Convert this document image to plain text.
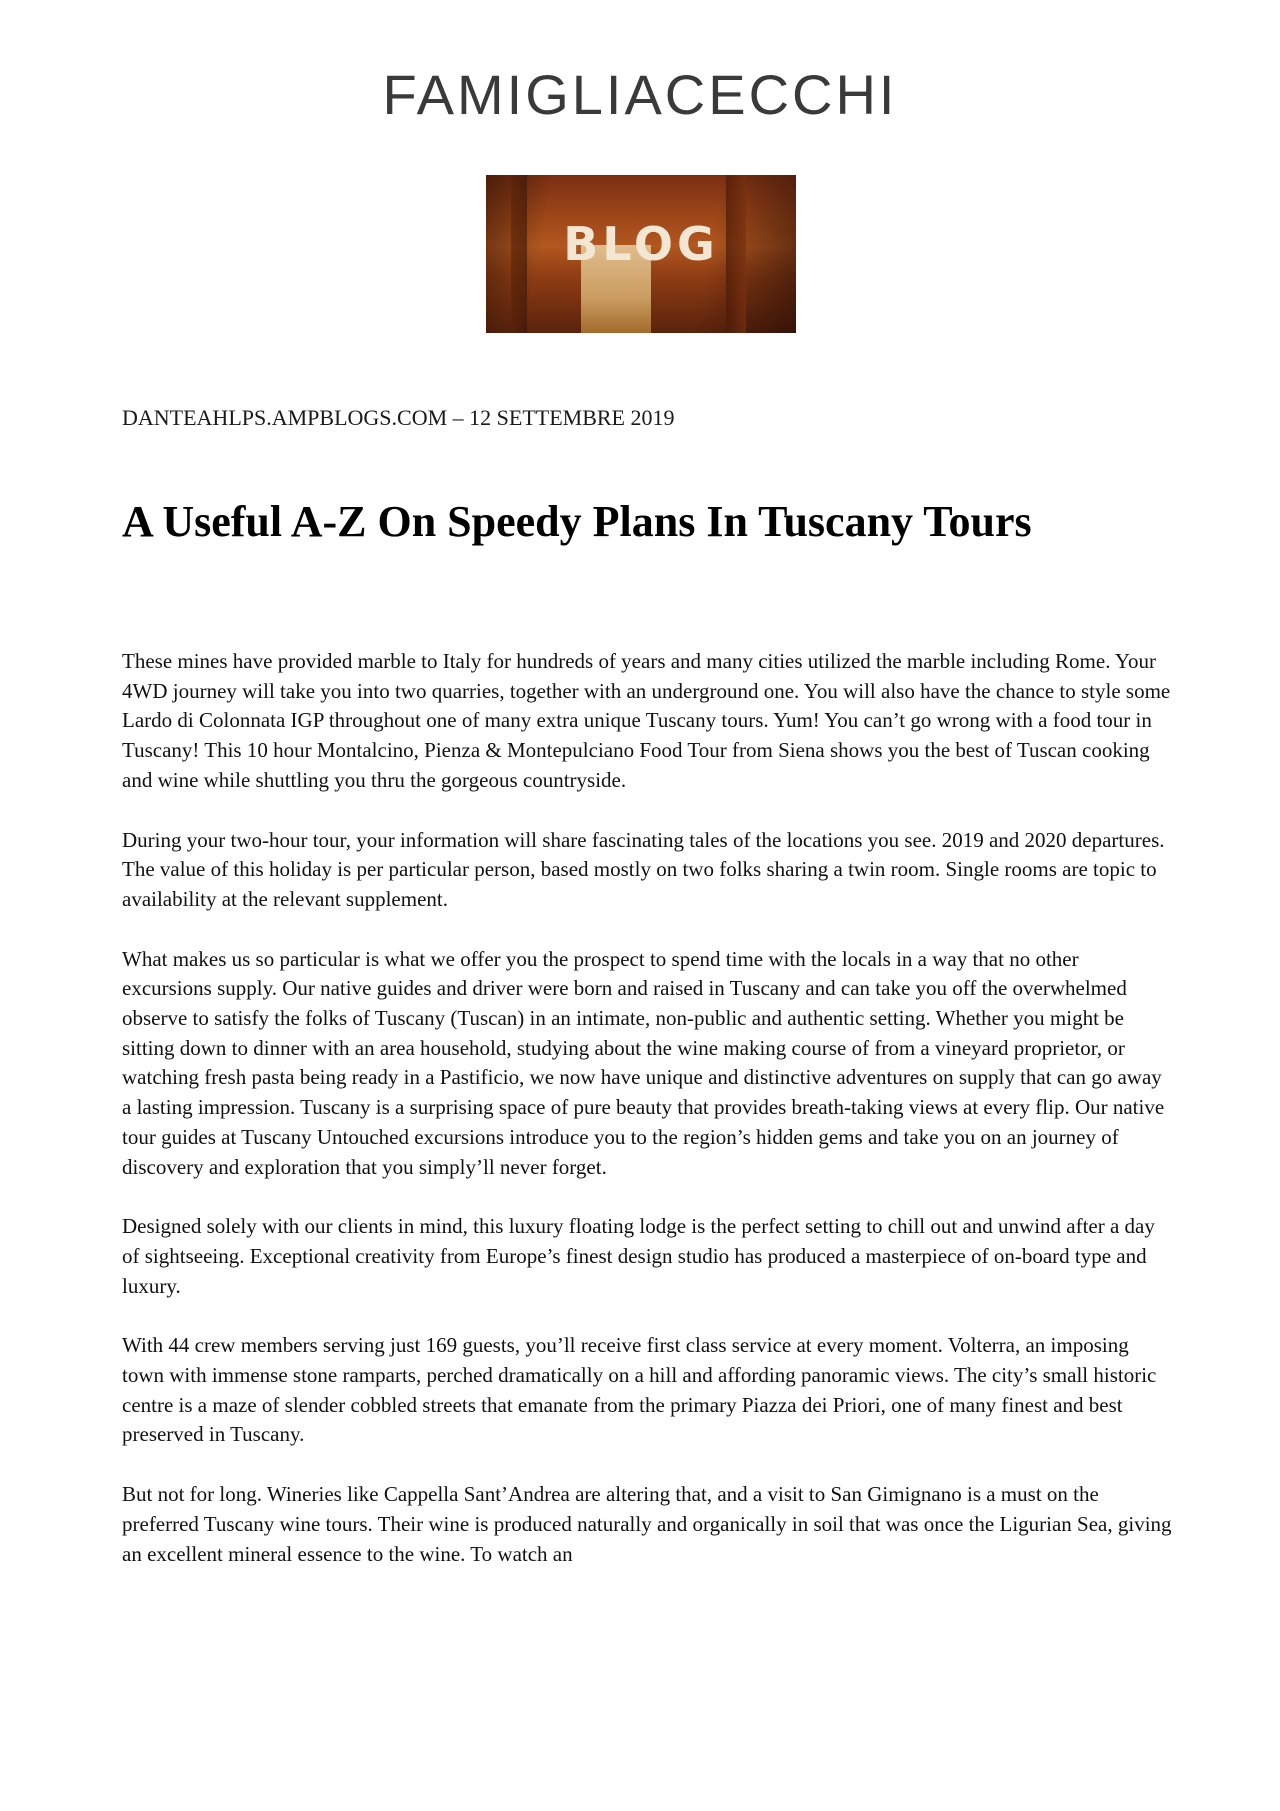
FAMIGLIACECCHI
BLOG
DANTEAHLPS.AMPBLOGS.COM – 12 SETTEMBRE 2019
A Useful A-Z On Speedy Plans In Tuscany Tours

These mines have provided marble to Italy for hundreds of years and many cities utilized the marble including Rome. Your 4WD journey will take you into two quarries, together with an underground one. You will also have the chance to style some Lardo di Colonnata IGP throughout one of many extra unique Tuscany tours. Yum! You can’t go wrong with a food tour in Tuscany! This 10 hour Montalcino, Pienza & Montepulciano Food Tour from Siena shows you the best of Tuscan cooking and wine while shuttling you thru the gorgeous countryside.

During your two-hour tour, your information will share fascinating tales of the locations you see. 2019 and 2020 departures. The value of this holiday is per particular person, based mostly on two folks sharing a twin room. Single rooms are topic to availability at the relevant supplement.

What makes us so particular is what we offer you the prospect to spend time with the locals in a way that no other excursions supply. Our native guides and driver were born and raised in Tuscany and can take you off the overwhelmed observe to satisfy the folks of Tuscany (Tuscan) in an intimate, non-public and authentic setting. Whether you might be sitting down to dinner with an area household, studying about the wine making course of from a vineyard proprietor, or watching fresh pasta being ready in a Pastificio, we now have unique and distinctive adventures on supply that can go away a lasting impression. Tuscany is a surprising space of pure beauty that provides breath-taking views at every flip. Our native tour guides at Tuscany Untouched excursions introduce you to the region’s hidden gems and take you on an journey of discovery and exploration that you simply’ll never forget.

Designed solely with our clients in mind, this luxury floating lodge is the perfect setting to chill out and unwind after a day of sightseeing. Exceptional creativity from Europe’s finest design studio has produced a masterpiece of on-board type and luxury.

With 44 crew members serving just 169 guests, you’ll receive first class service at every moment. Volterra, an imposing town with immense stone ramparts, perched dramatically on a hill and affording panoramic views. The city’s small historic centre is a maze of slender cobbled streets that emanate from the primary Piazza dei Priori, one of many finest and best preserved in Tuscany.

But not for long. Wineries like Cappella Sant’Andrea are altering that, and a visit to San Gimignano is a must on the preferred Tuscany wine tours. Their wine is produced naturally and organically in soil that was once the Ligurian Sea, giving an excellent mineral essence to the wine. To watch an
